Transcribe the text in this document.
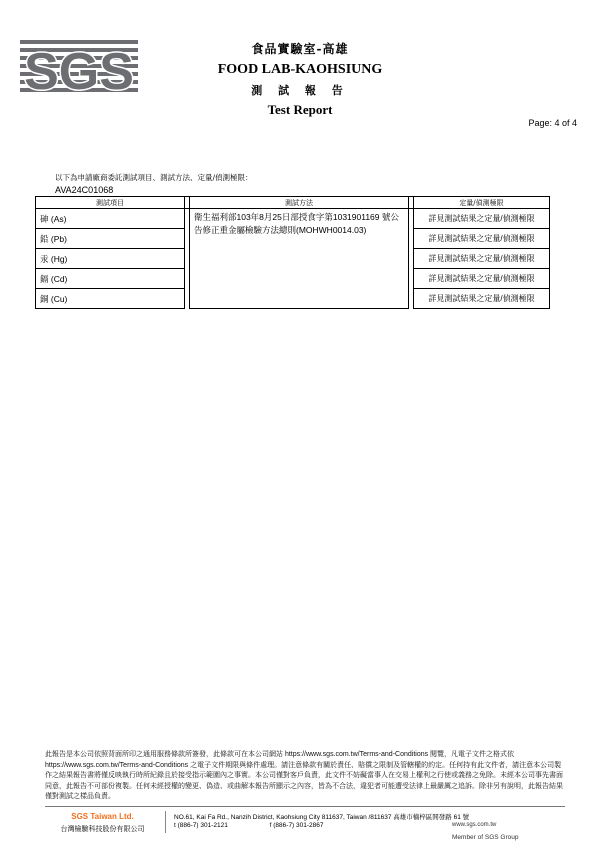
SGS	食品實驗室-高雄
FOOD LAB-KAOHSIUNG
測 試 報 告
Test Report
Page: 4 of 4
以下為申請廠商委託測試項目、測試方法、定量/偵測極限：
AVA24C01068
測試項目		測試方法		定量/偵測極限
砷 (As)		衛生福利部103年8月25日部授食字第1031901169 號公告修正重金屬檢驗方法總則(MOHWH0014.03)		詳見測試結果之定量/偵測極限
鉛 (Pb)				詳見測試結果之定量/偵測極限
汞 (Hg)				詳見測試結果之定量/偵測極限
鎘 (Cd)				詳見測試結果之定量/偵測極限
銅 (Cu)				詳見測試結果之定量/偵測極限
此報告是本公司依照背面所印之通用服務條款所簽發，此條款可在本公司網站 https://www.sgs.com.tw/Terms-and-Conditions 閱覽，凡電子文件之格式依https://www.sgs.com.tw/Terms-and-Conditions 之電子文件期限與條件處理。請注意條款有關於責任、賠償之限制及管轄權的約定。任何持有此文件者，請注意本公司製作之結果報告書將僅反映執行時所紀錄且於接受指示範圍內之事實。本公司僅對客戶負責，此文件不妨礙當事人在交易上權利之行使或義務之免除。未經本公司事先書面同意，此報告不可部份複製。任何未經授權的變更、偽造、或曲解本報告所顯示之內容，皆為不合法，違犯者可能遭受法律上最嚴厲之追訴。除非另有說明，此報告結果僅對測試之樣品負責。
SGS Taiwan Ltd.
台灣檢驗科技股份有限公司
NO.61, Kai Fa Rd., Nanzih District, Kaohsiung City 811637, Taiwan /811637 高雄市楠梓區開發路 61 號
t (886-7) 301-2121	f (886-7) 301-2867	www.sgs.com.tw
Member of SGS Group
